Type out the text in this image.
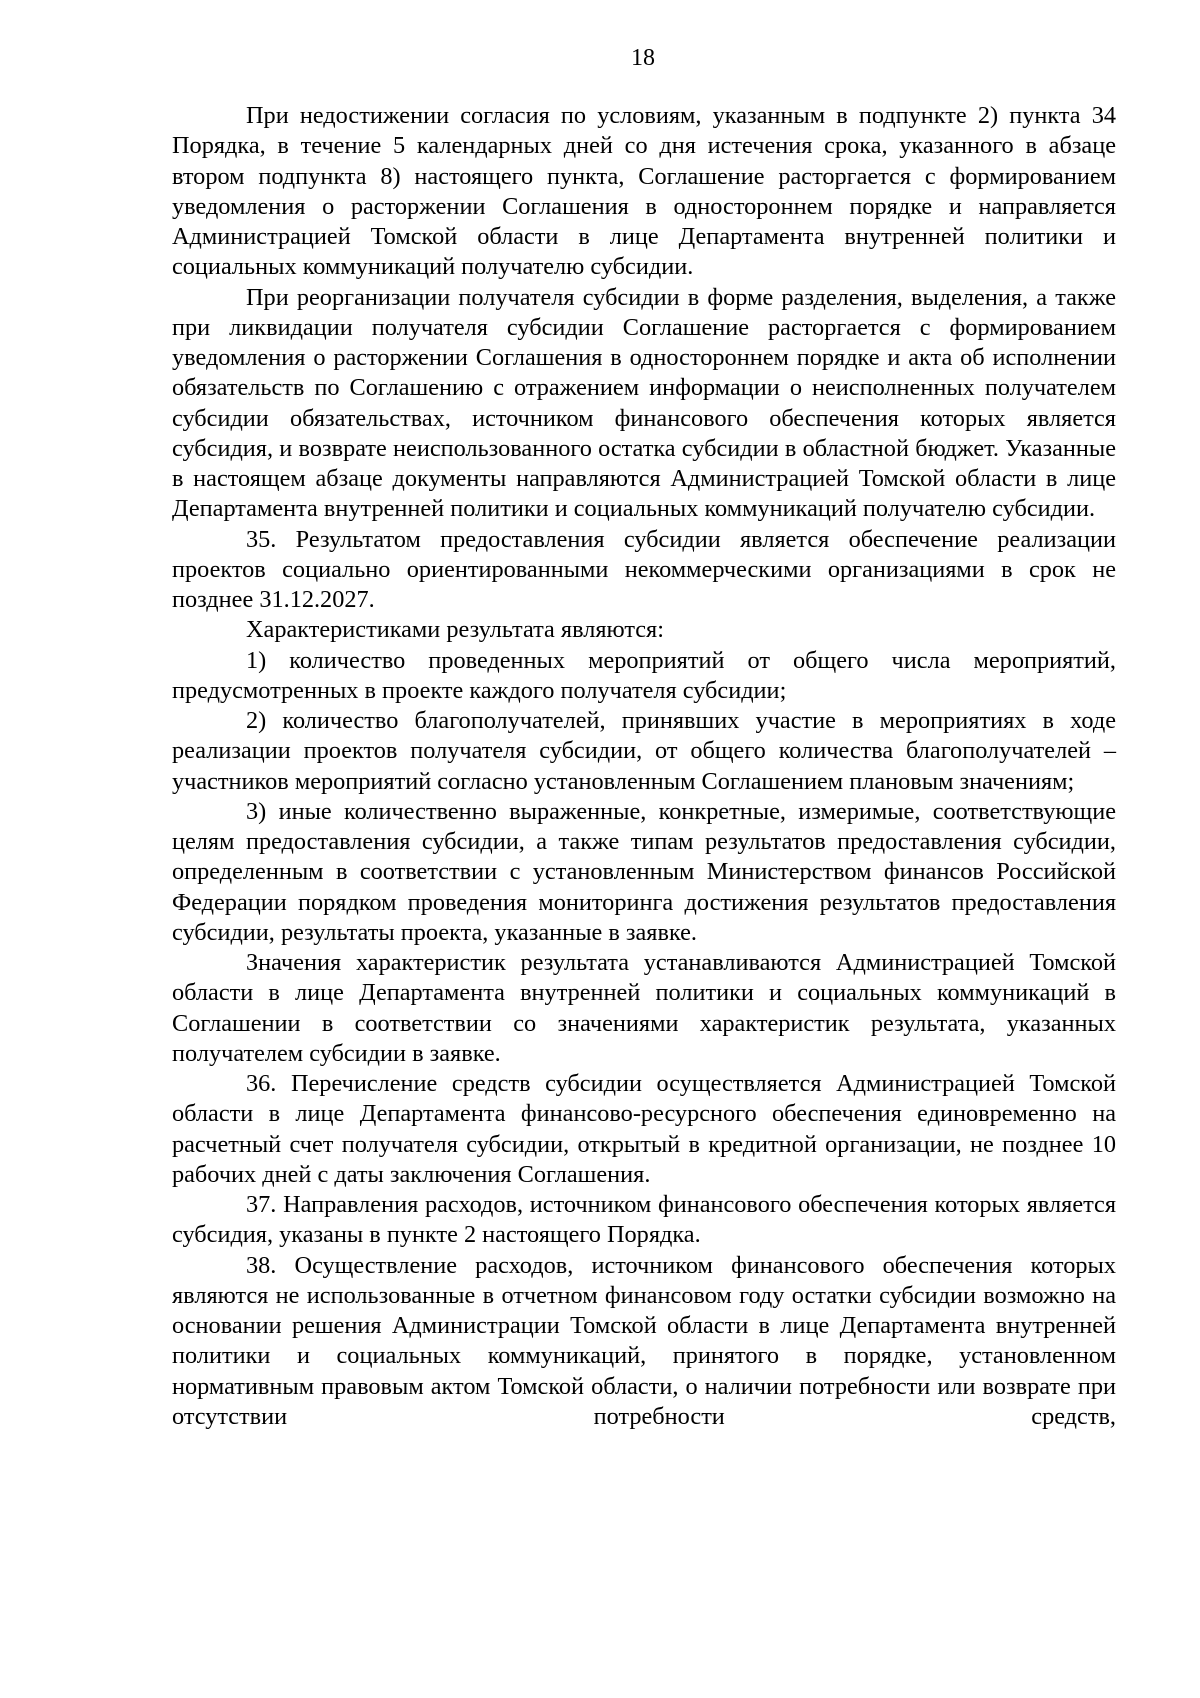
18

При недостижении согласия по условиям, указанным в подпункте 2) пункта 34 Порядка, в течение 5 календарных дней со дня истечения срока, указанного в абзаце втором подпункта 8) настоящего пункта, Соглашение расторгается с формированием уведомления о расторжении Соглашения в одностороннем порядке и направляется Администрацией Томской области в лице Департамента внутренней политики и социальных коммуникаций получателю субсидии.

При реорганизации получателя субсидии в форме разделения, выделения, а также при ликвидации получателя субсидии Соглашение расторгается с формированием уведомления о расторжении Соглашения в одностороннем порядке и акта об исполнении обязательств по Соглашению с отражением информации о неисполненных получателем субсидии обязательствах, источником финансового обеспечения которых является субсидия, и возврате неиспользованного остатка субсидии в областной бюджет. Указанные в настоящем абзаце документы направляются Администрацией Томской области в лице Департамента внутренней политики и социальных коммуникаций получателю субсидии.

35. Результатом предоставления субсидии является обеспечение реализации проектов социально ориентированными некоммерческими организациями в срок не позднее 31.12.2027.

Характеристиками результата являются:

1) количество проведенных мероприятий от общего числа мероприятий, предусмотренных в проекте каждого получателя субсидии;

2) количество благополучателей, принявших участие в мероприятиях в ходе реализации проектов получателя субсидии, от общего количества благополучателей – участников мероприятий согласно установленным Соглашением плановым значениям;

3) иные количественно выраженные, конкретные, измеримые, соответствующие целям предоставления субсидии, а также типам результатов предоставления субсидии, определенным в соответствии с установленным Министерством финансов Российской Федерации порядком проведения мониторинга достижения результатов предоставления субсидии, результаты проекта, указанные в заявке.

Значения характеристик результата устанавливаются Администрацией Томской области в лице Департамента внутренней политики и социальных коммуникаций в Соглашении в соответствии со значениями характеристик результата, указанных получателем субсидии в заявке.

36. Перечисление средств субсидии осуществляется Администрацией Томской области в лице Департамента финансово-ресурсного обеспечения единовременно на расчетный счет получателя субсидии, открытый в кредитной организации, не позднее 10 рабочих дней с даты заключения Соглашения.

37. Направления расходов, источником финансового обеспечения которых является субсидия, указаны в пункте 2 настоящего Порядка.

38. Осуществление расходов, источником финансового обеспечения которых являются не использованные в отчетном финансовом году остатки субсидии возможно на основании решения Администрации Томской области в лице Департамента внутренней политики и социальных коммуникаций, принятого в порядке, установленном нормативным правовым актом Томской области, о наличии потребности или возврате при отсутствии потребности средств,
